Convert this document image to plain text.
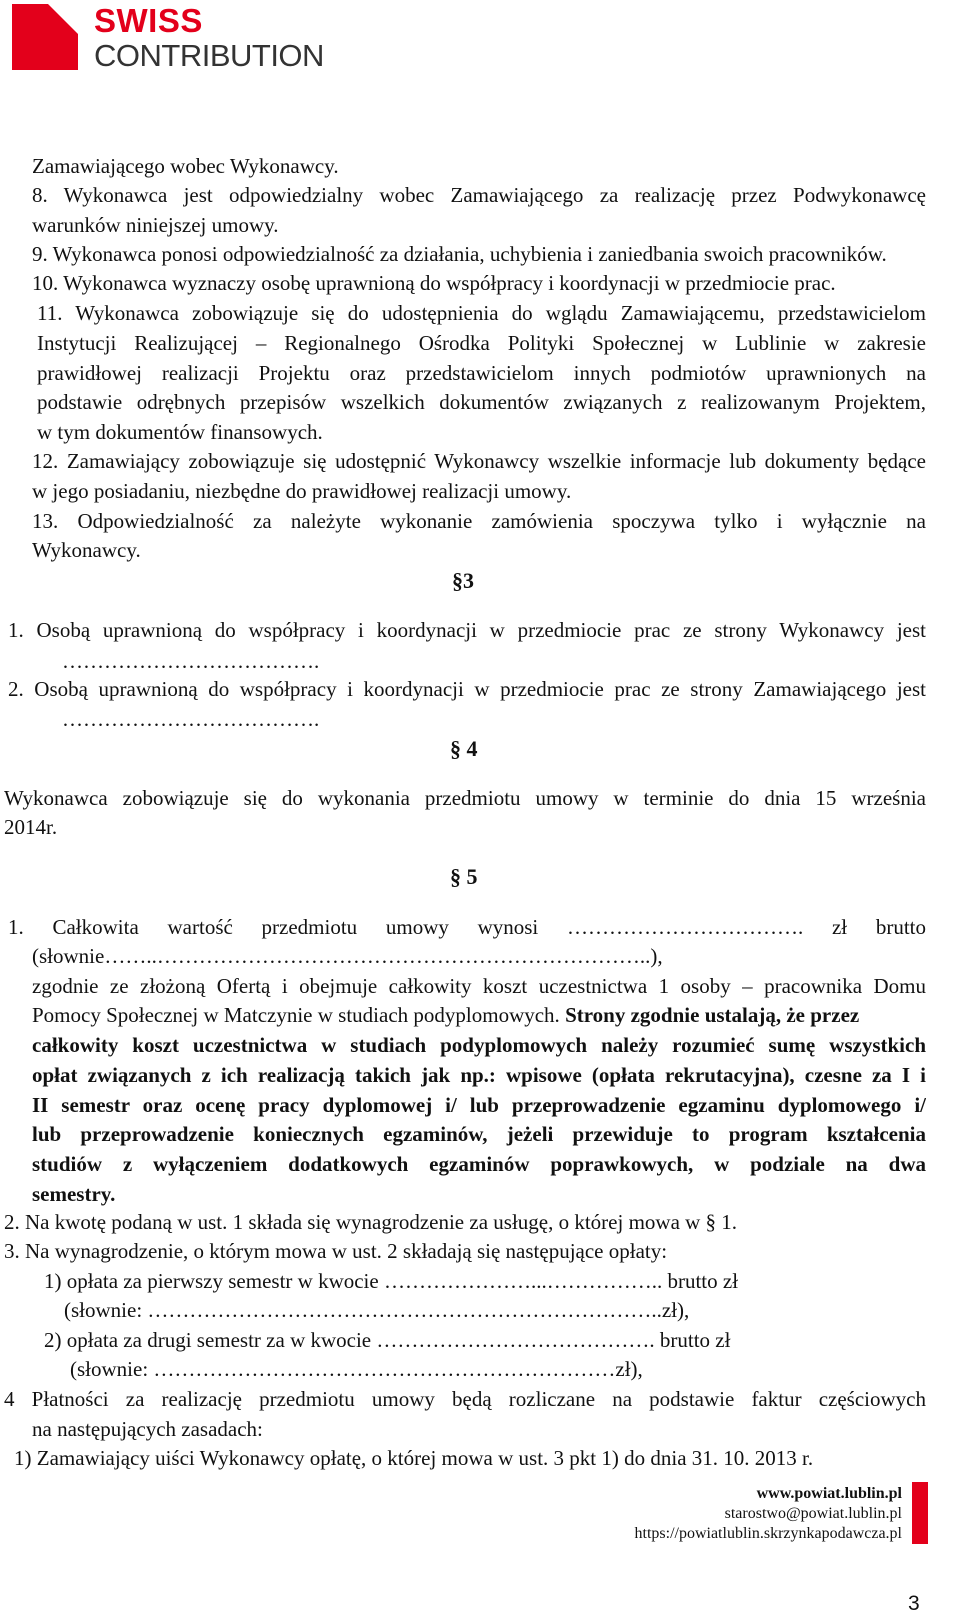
SWISS
CONTRIBUTION
Zamawiającego wobec Wykonawcy.
8. Wykonawca jest odpowiedzialny wobec Zamawiającego za realizację przez Podwykonawcę
warunków niniejszej umowy.
9. Wykonawca ponosi odpowiedzialność za działania, uchybienia i zaniedbania swoich pracowników.
10. Wykonawca wyznaczy osobę uprawnioną do współpracy i koordynacji w przedmiocie prac.
11. Wykonawca zobowiązuje się do udostępnienia do wglądu Zamawiającemu, przedstawicielom
Instytucji Realizującej – Regionalnego Ośrodka Polityki Społecznej w Lublinie w zakresie
prawidłowej realizacji Projektu oraz przedstawicielom innych podmiotów uprawnionych na
podstawie odrębnych przepisów wszelkich dokumentów związanych z realizowanym Projektem,
w tym dokumentów finansowych.
12. Zamawiający zobowiązuje się udostępnić Wykonawcy wszelkie informacje lub dokumenty będące
w jego posiadaniu, niezbędne do prawidłowej realizacji umowy.
13. Odpowiedzialność za należyte wykonanie zamówienia spoczywa tylko i wyłącznie na
Wykonawcy.
§3
1. Osobą uprawnioną do współpracy i koordynacji w przedmiocie prac ze strony Wykonawcy jest
……………………………….
2. Osobą uprawnioną do współpracy i koordynacji w przedmiocie prac ze strony Zamawiającego jest
……………………………….
§ 4
Wykonawca zobowiązuje się do wykonania przedmiotu umowy w terminie do dnia 15 września
2014r.
§ 5
1. Całkowita wartość przedmiotu umowy wynosi ……………………………. zł brutto
(słownie……..……………………………………………………………..),
zgodnie ze złożoną Ofertą i obejmuje całkowity koszt uczestnictwa 1 osoby – pracownika Domu
Pomocy Społecznej w Matczynie w studiach podyplomowych. Strony zgodnie ustalają, że przez
całkowity koszt uczestnictwa w studiach podyplomowych należy rozumieć sumę wszystkich
opłat związanych z ich realizacją takich jak np.: wpisowe (opłata rekrutacyjna), czesne za I i
II semestr oraz ocenę pracy dyplomowej i/ lub przeprowadzenie egzaminu dyplomowego i/
lub przeprowadzenie koniecznych egzaminów, jeżeli przewiduje to program kształcenia
studiów z wyłączeniem dodatkowych egzaminów poprawkowych, w podziale na dwa
semestry.
2. Na kwotę podaną w ust. 1 składa się wynagrodzenie za usługę, o której mowa w § 1.
3. Na wynagrodzenie, o którym mowa w ust. 2 składają się następujące opłaty:
1) opłata za pierwszy semestr w kwocie …………………...…………….. brutto zł
(słownie: ………………………………………………………………..zł),
2) opłata za drugi semestr za w kwocie …………………………………. brutto zł
(słownie: …………………………………………………………zł),
4 Płatności za realizację przedmiotu umowy będą rozliczane na podstawie faktur częściowych
na następujących zasadach:
1) Zamawiający uiści Wykonawcy opłatę, o której mowa w ust. 3 pkt 1) do dnia 31. 10. 2013 r.
www.powiat.lublin.pl
starostwo@powiat.lublin.pl
https://powiatlublin.skrzynkapodawcza.pl
3
